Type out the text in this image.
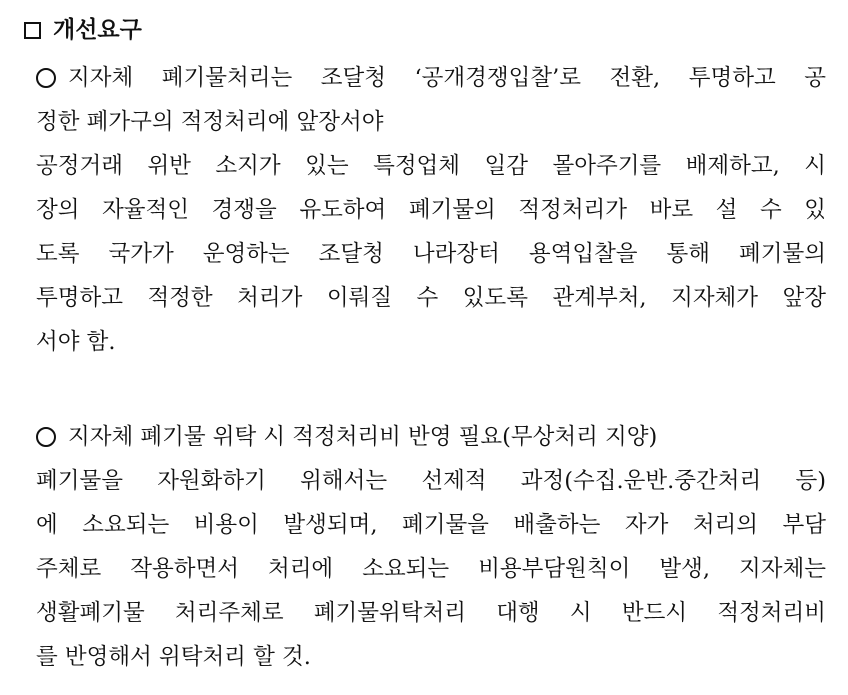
개선요구
지자체 폐기물처리는 조달청 ‘공개경쟁입찰’로 전환, 투명하고 공
정한 폐가구의 적정처리에 앞장서야
공정거래 위반 소지가 있는 특정업체 일감 몰아주기를 배제하고, 시
장의 자율적인 경쟁을 유도하여 폐기물의 적정처리가 바로 설 수 있
도록 국가가 운영하는 조달청 나라장터 용역입찰을 통해 폐기물의
투명하고 적정한 처리가 이뤄질 수 있도록 관계부처, 지자체가 앞장
서야 함.
지자체 폐기물 위탁 시 적정처리비 반영 필요(무상처리 지양)
폐기물을 자원화하기 위해서는 선제적 과정(수집.운반.중간처리 등)
에 소요되는 비용이 발생되며, 폐기물을 배출하는 자가 처리의 부담
주체로 작용하면서 처리에 소요되는 비용부담원칙이 발생, 지자체는
생활폐기물 처리주체로 폐기물위탁처리 대행 시 반드시 적정처리비
를 반영해서 위탁처리 할 것.
